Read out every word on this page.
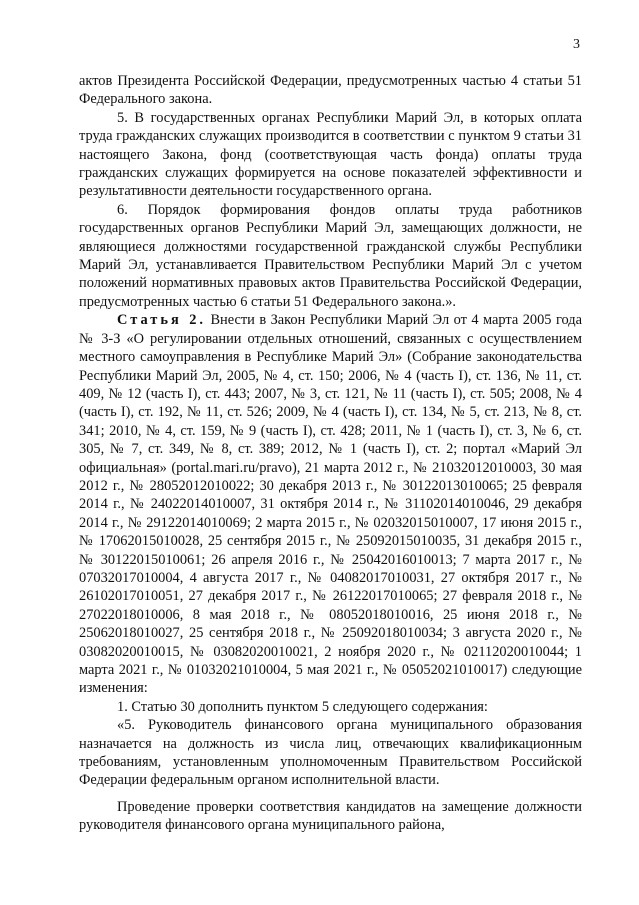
3

актов Президента Российской Федерации, предусмотренных частью 4 статьи 51 Федерального закона.

5. В государственных органах Республики Марий Эл, в которых оплата труда гражданских служащих производится в соответствии с пунктом 9 статьи 31 настоящего Закона, фонд (соответствующая часть фонда) оплаты труда гражданских служащих формируется на основе показателей эффективности и результативности деятельности государственного органа.

6. Порядок формирования фондов оплаты труда работников государственных органов Республики Марий Эл, замещающих должности, не являющиеся должностями государственной гражданской службы Республики Марий Эл, устанавливается Правительством Республики Марий Эл с учетом положений нормативных правовых актов Правительства Российской Федерации, предусмотренных частью 6 статьи 51 Федерального закона.».

Статья 2. Внести в Закон Республики Марий Эл от 4 марта 2005 года № 3-З «О регулировании отдельных отношений, связанных с осуществлением местного самоуправления в Республике Марий Эл» (Собрание законодательства Республики Марий Эл, 2005, № 4, ст. 150; 2006, № 4 (часть I), ст. 136, № 11, ст. 409, № 12 (часть I), ст. 443; 2007, № 3, ст. 121, № 11 (часть I), ст. 505; 2008, № 4 (часть I), ст. 192, № 11, ст. 526; 2009, № 4 (часть I), ст. 134, № 5, ст. 213, № 8, ст. 341; 2010, № 4, ст. 159, № 9 (часть I), ст. 428; 2011, № 1 (часть I), ст. 3, № 6, ст. 305, № 7, ст. 349, № 8, ст. 389; 2012, № 1 (часть I), ст. 2; портал «Марий Эл официальная» (portal.mari.ru/pravo), 21 марта 2012 г., № 21032012010003, 30 мая 2012 г., № 28052012010022; 30 декабря 2013 г., № 30122013010065; 25 февраля 2014 г., № 24022014010007, 31 октября 2014 г., № 31102014010046, 29 декабря 2014 г., № 29122014010069; 2 марта 2015 г., № 02032015010007, 17 июня 2015 г., № 17062015010028, 25 сентября 2015 г., № 25092015010035, 31 декабря 2015 г., № 30122015010061; 26 апреля 2016 г., № 25042016010013; 7 марта 2017 г., № 07032017010004, 4 августа 2017 г., № 04082017010031, 27 октября 2017 г., № 26102017010051, 27 декабря 2017 г., № 26122017010065; 27 февраля 2018 г., № 27022018010006, 8 мая 2018 г., № 08052018010016, 25 июня 2018 г., № 25062018010027, 25 сентября 2018 г., № 25092018010034; 3 августа 2020 г., № 03082020010015, № 03082020010021, 2 ноября 2020 г., № 02112020010044; 1 марта 2021 г., № 01032021010004, 5 мая 2021 г., № 05052021010017) следующие изменения:

1. Статью 30 дополнить пунктом 5 следующего содержания:

«5. Руководитель финансового органа муниципального образования назначается на должность из числа лиц, отвечающих квалификационным требованиям, установленным уполномоченным Правительством Российской Федерации федеральным органом исполнительной власти.

Проведение проверки соответствия кандидатов на замещение должности руководителя финансового органа муниципального района,
